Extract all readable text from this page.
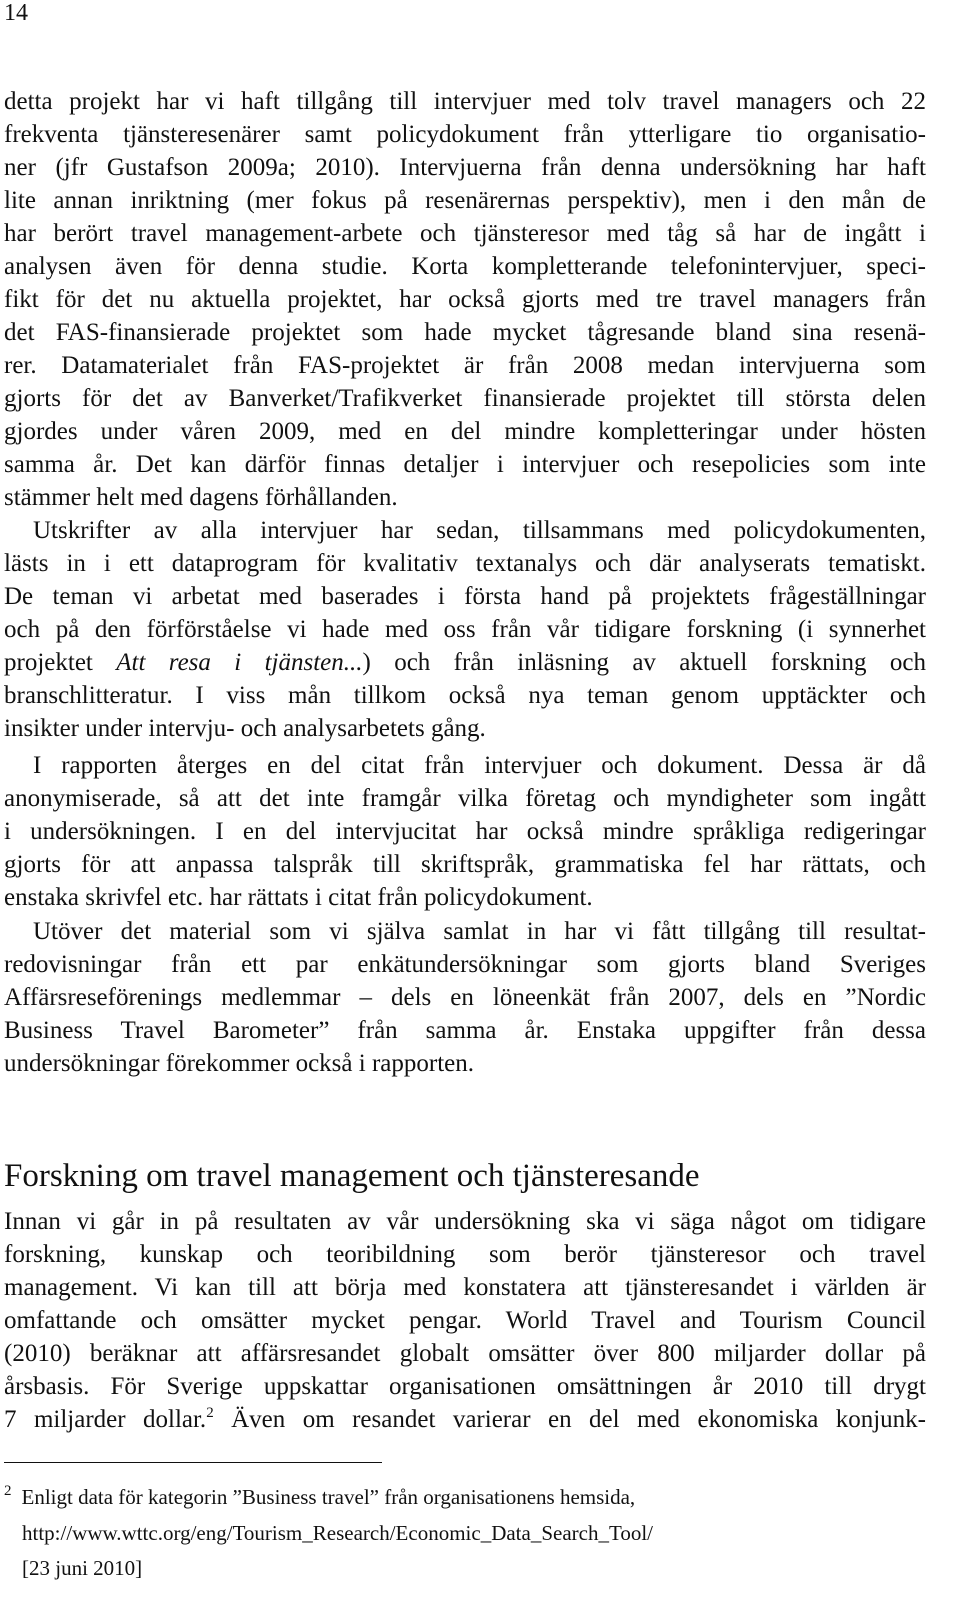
14
detta projekt har vi haft tillgång till intervjuer med tolv travel managers och 22
frekventa tjänsteresenärer samt policydokument från ytterligare tio organisatio-
ner (jfr Gustafson 2009a; 2010). Intervjuerna från denna undersökning har haft
lite annan inriktning (mer fokus på resenärernas perspektiv), men i den mån de
har berört travel management-arbete och tjänsteresor med tåg så har de ingått i
analysen även för denna studie. Korta kompletterande telefonintervjuer, speci-
fikt för det nu aktuella projektet, har också gjorts med tre travel managers från
det FAS-finansierade projektet som hade mycket tågresande bland sina resenä-
rer. Datamaterialet från FAS-projektet är från 2008 medan intervjuerna som
gjorts för det av Banverket/Trafikverket finansierade projektet till största delen
gjordes under våren 2009, med en del mindre kompletteringar under hösten
samma år. Det kan därför finnas detaljer i intervjuer och resepolicies som inte
stämmer helt med dagens förhållanden.
Utskrifter av alla intervjuer har sedan, tillsammans med policydokumenten,
lästs in i ett dataprogram för kvalitativ textanalys och där analyserats tematiskt.
De teman vi arbetat med baserades i första hand på projektets frågeställningar
och på den förförståelse vi hade med oss från vår tidigare forskning (i synnerhet
projektet Att resa i tjänsten...) och från inläsning av aktuell forskning och
branschlitteratur. I viss mån tillkom också nya teman genom upptäckter och
insikter under intervju- och analysarbetets gång.
I rapporten återges en del citat från intervjuer och dokument. Dessa är då
anonymiserade, så att det inte framgår vilka företag och myndigheter som ingått
i undersökningen. I en del intervjucitat har också mindre språkliga redigeringar
gjorts för att anpassa talspråk till skriftspråk, grammatiska fel har rättats, och
enstaka skrivfel etc. har rättats i citat från policydokument.
Utöver det material som vi själva samlat in har vi fått tillgång till resultat-
redovisningar från ett par enkätundersökningar som gjorts bland Sveriges
Affärsreseförenings medlemmar – dels en löneenkät från 2007, dels en ”Nordic
Business Travel Barometer” från samma år. Enstaka uppgifter från dessa
undersökningar förekommer också i rapporten.
Forskning om travel management och tjänsteresande
Innan vi går in på resultaten av vår undersökning ska vi säga något om tidigare
forskning, kunskap och teoribildning som berör tjänsteresor och travel
management. Vi kan till att börja med konstatera att tjänsteresandet i världen är
omfattande och omsätter mycket pengar. World Travel and Tourism Council
(2010) beräknar att affärsresandet globalt omsätter över 800 miljarder dollar på
årsbasis. För Sverige uppskattar organisationen omsättningen år 2010 till drygt
7 miljarder dollar.$^2$ Även om resandet varierar en del med ekonomiska konjunk-
$^2$ Enligt data för kategorin ”Business travel” från organisationens hemsida,
http://www.wttc.org/eng/Tourism_Research/Economic_Data_Search_Tool/
[23 juni 2010]
